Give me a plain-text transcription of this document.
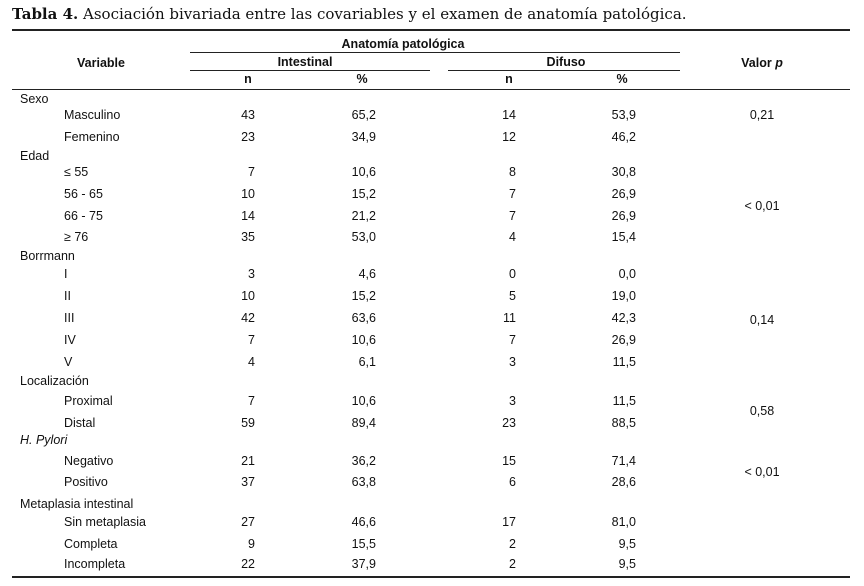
Tabla 4. Asociación bivariada entre las covariables y el examen de anatomía patológica.
Variable
Anatomía patológica
Intestinal	Difuso
n	%	n	%
Valor p
Sexo
Masculino	43	65,2	14	53,9
Femenino	23	34,9	12	46,2
0,21
Edad
≤ 55	7	10,6	8	30,8
56 - 65	10	15,2	7	26,9
66 - 75	14	21,2	7	26,9
≥ 76	35	53,0	4	15,4
< 0,01
Borrmann
I	3	4,6	0	0,0
II	10	15,2	5	19,0
III	42	63,6	11	42,3
IV	7	10,6	7	26,9
V	4	6,1	3	11,5
0,14
Localización
Proximal	7	10,6	3	11,5
Distal	59	89,4	23	88,5
0,58
H. Pylori
Negativo	21	36,2	15	71,4
Positivo	37	63,8	6	28,6
< 0,01
Metaplasia intestinal
Sin metaplasia	27	46,6	17	81,0
Completa	9	15,5	2	9,5
Incompleta	22	37,9	2	9,5
